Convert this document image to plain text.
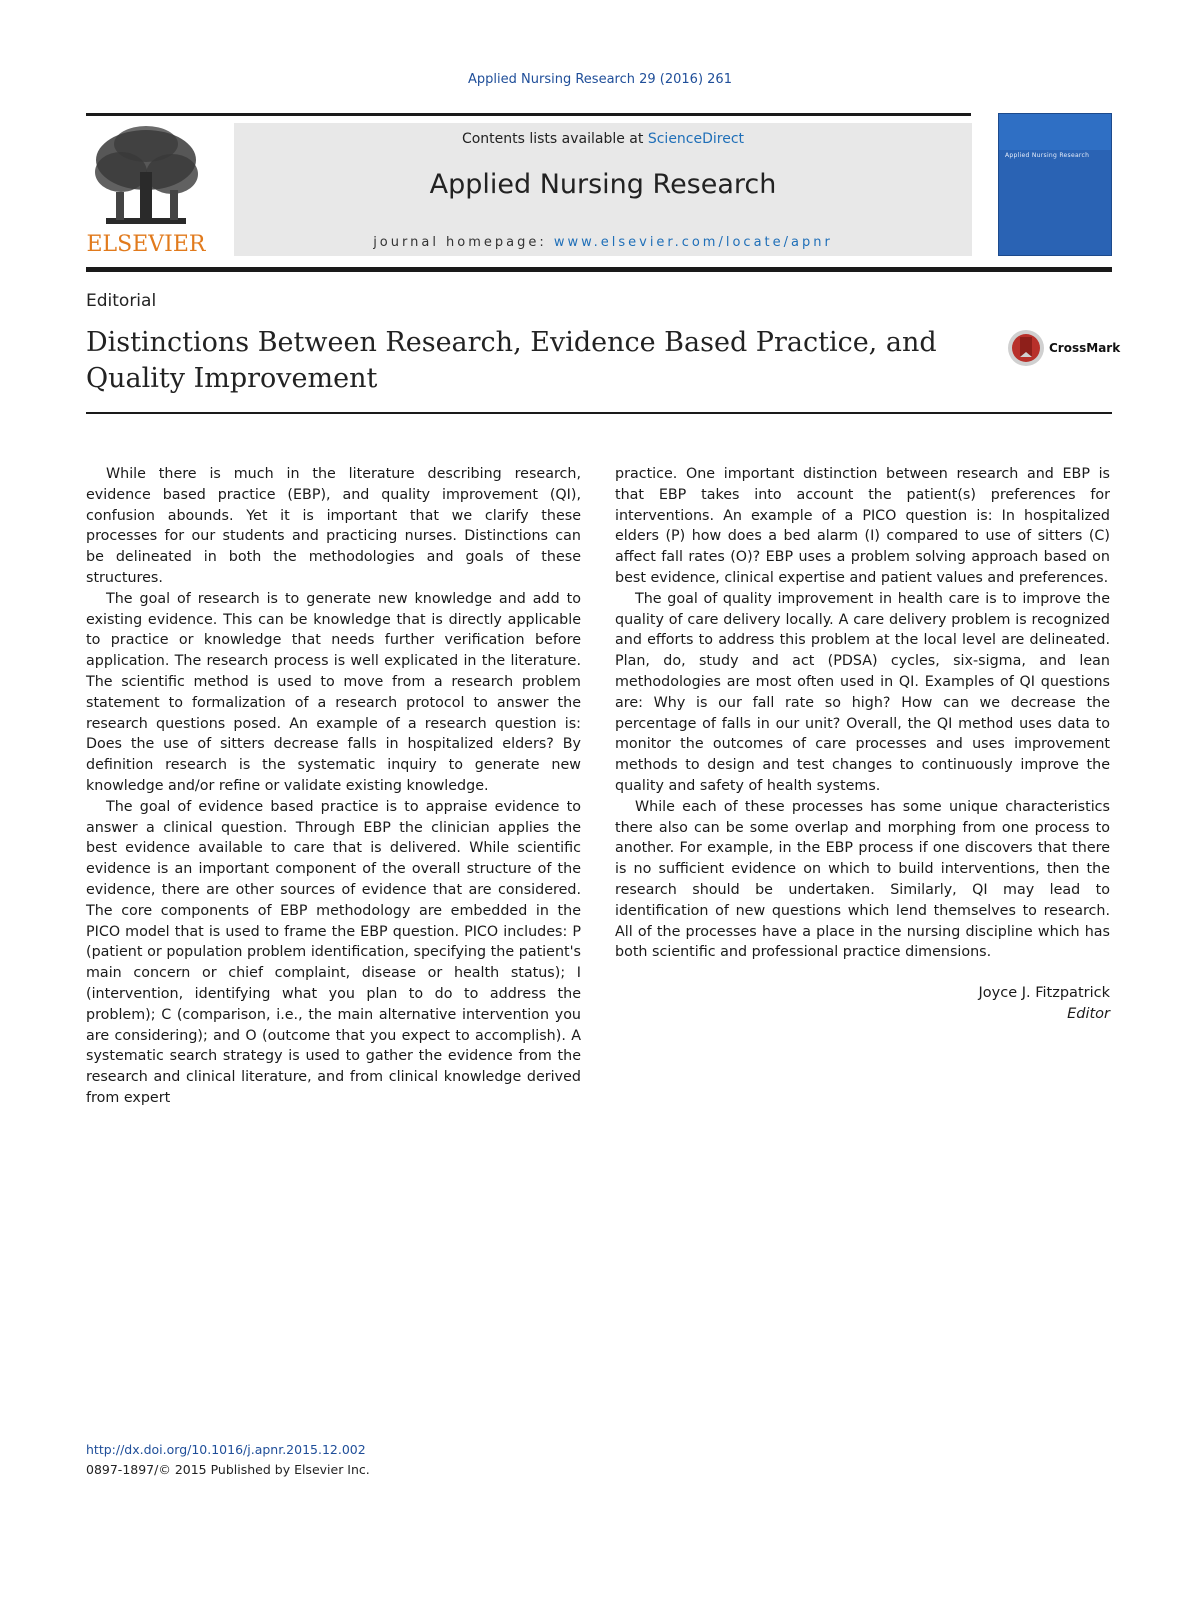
Applied Nursing Research 29 (2016) 261
ELSEVIER
Contents lists available at ScienceDirect
Applied Nursing Research
journal homepage: www.elsevier.com/locate/apnr
Applied Nursing Research
Editorial
Distinctions Between Research, Evidence Based Practice, and Quality Improvement
CrossMark

While there is much in the literature describing research, evidence based practice (EBP), and quality improvement (QI), confusion abounds. Yet it is important that we clarify these processes for our students and practicing nurses. Distinctions can be delineated in both the methodologies and goals of these structures.

The goal of research is to generate new knowledge and add to existing evidence. This can be knowledge that is directly applicable to practice or knowledge that needs further verification before application. The research process is well explicated in the literature. The scientific method is used to move from a research problem statement to formalization of a research protocol to answer the research questions posed. An example of a research question is: Does the use of sitters decrease falls in hospitalized elders? By definition research is the systematic inquiry to generate new knowledge and/or refine or validate existing knowledge.

The goal of evidence based practice is to appraise evidence to answer a clinical question. Through EBP the clinician applies the best evidence available to care that is delivered. While scientific evidence is an important component of the overall structure of the evidence, there are other sources of evidence that are considered. The core components of EBP methodology are embedded in the PICO model that is used to frame the EBP question. PICO includes: P (patient or population problem identification, specifying the patient's main concern or chief complaint, disease or health status); I (intervention, identifying what you plan to do to address the problem); C (comparison, i.e., the main alternative intervention you are considering); and O (outcome that you expect to accomplish). A systematic search strategy is used to gather the evidence from the research and clinical literature, and from clinical knowledge derived from expert

practice. One important distinction between research and EBP is that EBP takes into account the patient(s) preferences for interventions. An example of a PICO question is: In hospitalized elders (P) how does a bed alarm (I) compared to use of sitters (C) affect fall rates (O)? EBP uses a problem solving approach based on best evidence, clinical expertise and patient values and preferences.

The goal of quality improvement in health care is to improve the quality of care delivery locally. A care delivery problem is recognized and efforts to address this problem at the local level are delineated. Plan, do, study and act (PDSA) cycles, six-sigma, and lean methodologies are most often used in QI. Examples of QI questions are: Why is our fall rate so high? How can we decrease the percentage of falls in our unit? Overall, the QI method uses data to monitor the outcomes of care processes and uses improvement methods to design and test changes to continuously improve the quality and safety of health systems.

While each of these processes has some unique characteristics there also can be some overlap and morphing from one process to another. For example, in the EBP process if one discovers that there is no sufficient evidence on which to build interventions, then the research should be undertaken. Similarly, QI may lead to identification of new questions which lend themselves to research. All of the processes have a place in the nursing discipline which has both scientific and professional practice dimensions.

Joyce J. Fitzpatrick
Editor
http://dx.doi.org/10.1016/j.apnr.2015.12.002
0897-1897/© 2015 Published by Elsevier Inc.
